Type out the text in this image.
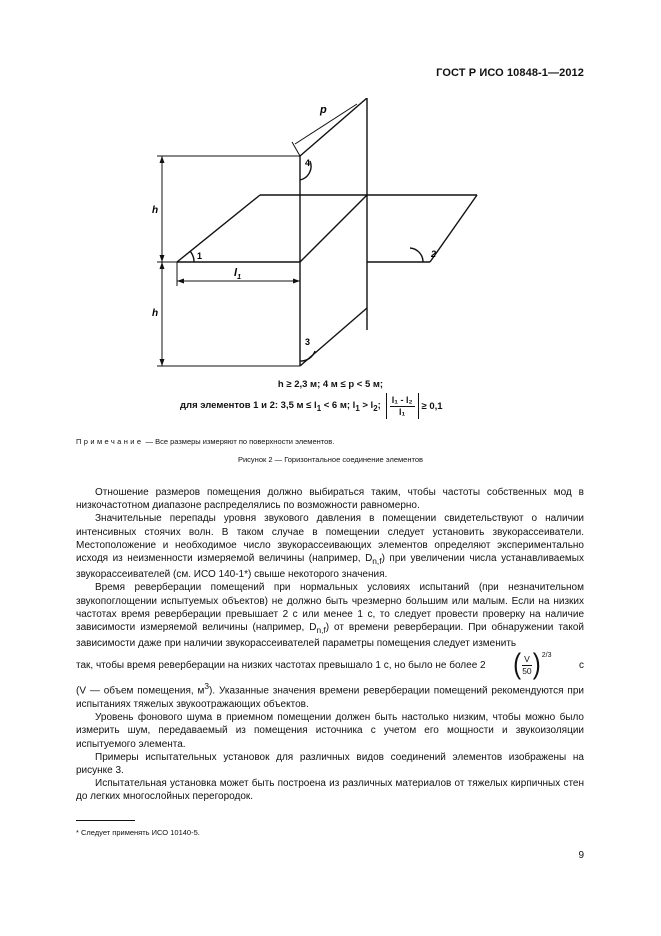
ГОСТ Р ИСО 10848-1—2012
p
h
h
$l_1$
1	2
3
4
h ≥ 2,3 м; 4 м ≤ p < 5 м;
для элементов 1 и 2: 3,5 $м \le l_1 < 6$ м; $l_1 > l_2$; $\frac{\text{l₁ - l₂}}{\text{l₁}} \ge 0,1$
Примечание — Все размеры измеряют по поверхности элементов.
Рисунок 2 — Горизонтальное соединение элементов

Отношение размеров помещения должно выбираться таким, чтобы частоты собственных мод в низкочастотном диапазоне распределялись по возможности равномерно.

Значительные перепады уровня звукового давления в помещении свидетельствуют о наличии интенсивных стоячих волн. В таком случае в помещении следует установить звукорассеиватели. Местоположение и необходимое число звукорассеивающих элементов определяют экспериментально исходя из неизменности измеряемой величины (например, $D_{n,f}$) при увеличении числа устанавливаемых звукорассеивателей (см. ИСО 140-1*) свыше некоторого значения.

Время реверберации помещений при нормальных условиях испытаний (при незначительном звукопоглощении испытуемых объектов) не должно быть чрезмерно большим или малым. Если на низких частотах время реверберации превышает 2 с или менее 1 с, то следует провести проверку на наличие зависимости измеряемой величины (например, $D_{n,f}$) от времени реверберации. При обнаружении такой зависимости даже при наличии звукорассеивателей параметры помещения следует изменить

так, чтобы время реверберации на низких частотах превышало 1 с, но было не более 2 ( $\frac{V}{50}$ ) 2/3
с

(V — объем помещения, $м^3$). Указанные значения времени реверберации помещений рекомендуются при испытаниях тяжелых звукоотражающих объектов.

Уровень фонового шума в приемном помещении должен быть настолько низким, чтобы можно было измерить шум, передаваемый из помещения источника с учетом его мощности и звукоизоляции испытуемого элемента.

Примеры испытательных установок для различных видов соединений элементов изображены на рисунке 3.

Испытательная установка может быть построена из различных материалов от тяжелых кирпичных стен до легких многослойных перегородок.

* Следует применять ИСО 10140-5.
9
